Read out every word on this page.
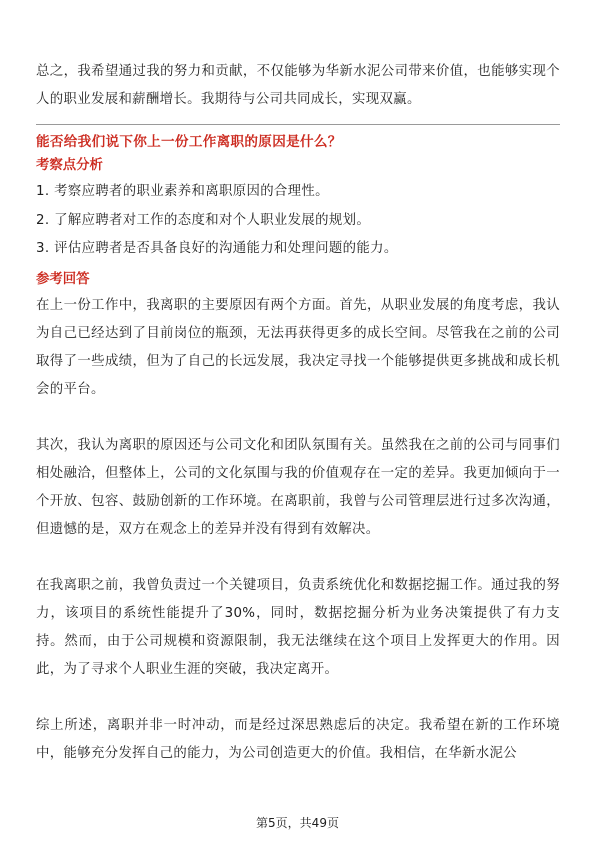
总之，我希望通过我的努力和贡献，不仅能够为华新水泥公司带来价值，也能够实现个人的职业发展和薪酬增长。我期待与公司共同成长，实现双赢。

能否给我们说下你上一份工作离职的原因是什么？

考察点分析

1. 考察应聘者的职业素养和离职原因的合理性。
2. 了解应聘者对工作的态度和对个人职业发展的规划。
3. 评估应聘者是否具备良好的沟通能力和处理问题的能力。

参考回答

在上一份工作中，我离职的主要原因有两个方面。首先，从职业发展的角度考虑，我认为自己已经达到了目前岗位的瓶颈，无法再获得更多的成长空间。尽管我在之前的公司取得了一些成绩，但为了自己的长远发展，我决定寻找一个能够提供更多挑战和成长机会的平台。

其次，我认为离职的原因还与公司文化和团队氛围有关。虽然我在之前的公司与同事们相处融洽，但整体上，公司的文化氛围与我的价值观存在一定的差异。我更加倾向于一个开放、包容、鼓励创新的工作环境。在离职前，我曾与公司管理层进行过多次沟通，但遗憾的是，双方在观念上的差异并没有得到有效解决。

在我离职之前，我曾负责过一个关键项目，负责系统优化和数据挖掘工作。通过我的努力，该项目的系统性能提升了30%，同时，数据挖掘分析为业务决策提供了有力支持。然而，由于公司规模和资源限制，我无法继续在这个项目上发挥更大的作用。因此，为了寻求个人职业生涯的突破，我决定离开。

综上所述，离职并非一时冲动，而是经过深思熟虑后的决定。我希望在新的工作环境中，能够充分发挥自己的能力，为公司创造更大的价值。我相信，在华新水泥公

第5页，共49页
